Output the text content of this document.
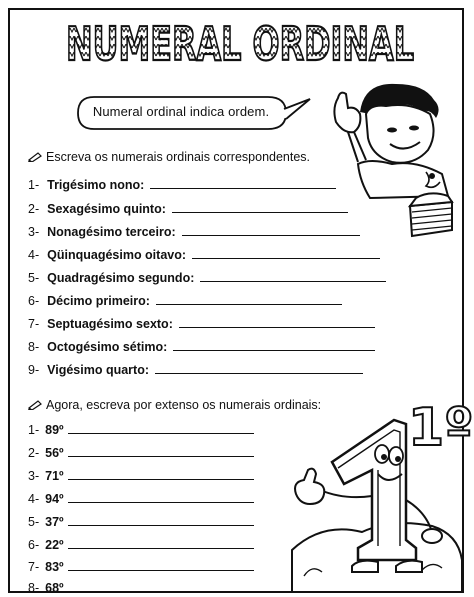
NUMERAL ORDINAL
Numeral ordinal indica ordem.
Escreva os numerais ordinais correspondentes.
1- Trigésimo nono:
2- Sexagésimo quinto:
3- Nonagésimo terceiro:
4- Qüinquagésimo oitavo:
5- Quadragésimo segundo:
6- Décimo primeiro:
7- Septuagésimo sexto:
8- Octogésimo sétimo:
9- Vigésimo quarto:
Agora, escreva por extenso os numerais ordinais:
1- 89º
2- 56º
3- 71º
4- 94º
5- 37º
6- 22º
7- 83º
8- 68º
1º
